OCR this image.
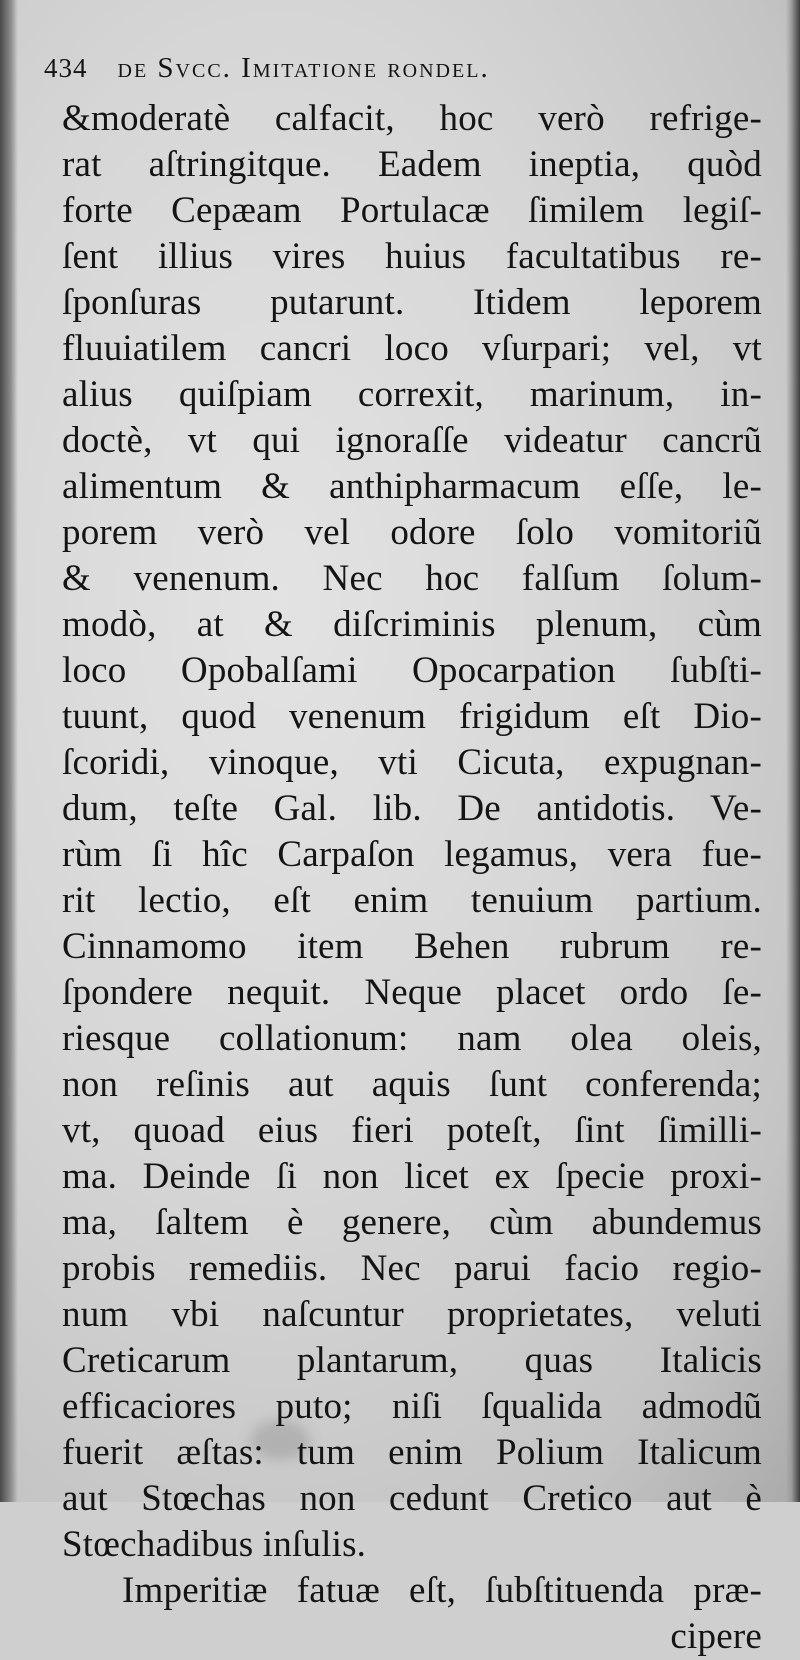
434 de Svcc. Imitatione rondel.
&moderatè calfacit, hoc verò refrige-
rat aſtringitque. Eadem ineptia, quòd
forte Cepæam Portulacæ ſimilem legiſ-
ſent illius vires huius facultatibus re-
ſponſuras putarunt. Itidem leporem
fluuiatilem cancri loco vſurpari; vel, vt
alius quiſpiam correxit, marinum, in-
doctè, vt qui ignoraſſe videatur cancrũ
alimentum & anthipharmacum eſſe, le-
porem verò vel odore ſolo vomitoriũ
& venenum. Nec hoc falſum ſolum-
modò, at & diſcriminis plenum, cùm
loco Opobalſami Opocarpation ſubſti-
tuunt, quod venenum frigidum eſt Dio-
ſcoridi, vinoque, vti Cicuta, expugnan-
dum, teſte Gal. lib. De antidotis. Ve-
rùm ſi hîc Carpaſon legamus, vera fue-
rit lectio, eſt enim tenuium partium.
Cinnamomo item Behen rubrum re-
ſpondere nequit. Neque placet ordo ſe-
riesque collationum: nam olea oleis,
non reſinis aut aquis ſunt conferenda;
vt, quoad eius fieri poteſt, ſint ſimilli-
ma. Deinde ſi non licet ex ſpecie proxi-
ma, ſaltem è genere, cùm abundemus
probis remediis. Nec parui facio regio-
num vbi naſcuntur proprietates, veluti
Creticarum plantarum, quas Italicis
efficaciores puto; niſi ſqualida admodũ
fuerit æſtas: tum enim Polium Italicum
aut Stœchas non cedunt Cretico aut è
Stœchadibus inſulis.
Imperitiæ fatuæ eſt, ſubſtituenda præ-
cipere
